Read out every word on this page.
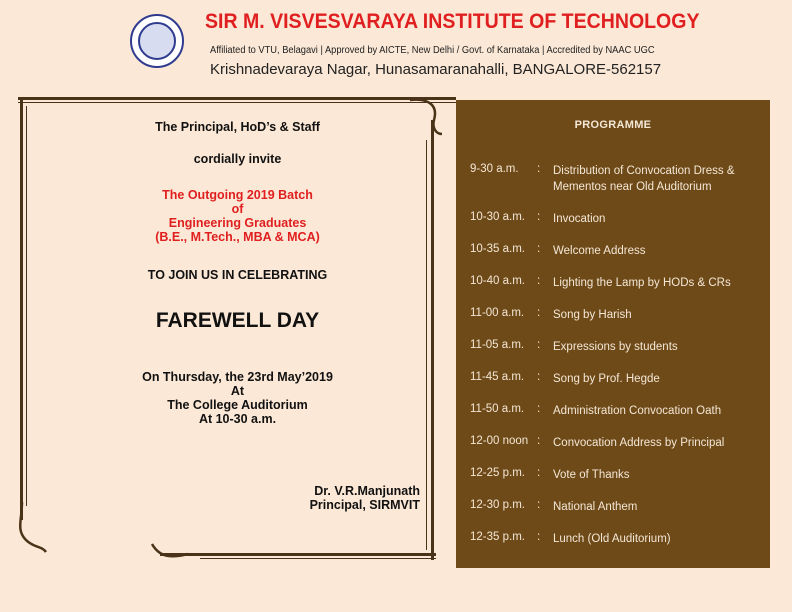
SIR M. VISVESVARAYA INSTITUTE OF TECHNOLOGY
Affiliated to VTU, Belagavi | Approved by AICTE, New Delhi / Govt. of Karnataka | Accredited by NAAC UGC
Krishnadevaraya Nagar, Hunasamaranahalli, BANGALORE-562157
The Principal, HoD’s & Staff
cordially invite
The Outgoing 2019 Batch
of
Engineering Graduates
(B.E., M.Tech., MBA & MCA)
TO JOIN US IN CELEBRATING
FAREWELL DAY
On Thursday, the 23rd May’2019
At
The College Auditorium
At 10-30 a.m.
Dr. V.R.Manjunath
Principal, SIRMVIT
PROGRAMME
9-30 a.m.	: Distribution of Convocation Dress & Mementos near Old Auditorium
10-30 a.m.	: Invocation
10-35 a.m.	: Welcome Address
10-40 a.m.	: Lighting the Lamp by HODs & CRs
11-00 a.m.	: Song by Harish
11-05 a.m.	: Expressions by students
11-45 a.m.	: Song by Prof. Hegde
11-50 a.m.	: Administration Convocation Oath
12-00 noon : Convocation Address by Principal
12-25 p.m.	: Vote of Thanks
12-30 p.m.	: National Anthem
12-35 p.m.	: Lunch (Old Auditorium)
